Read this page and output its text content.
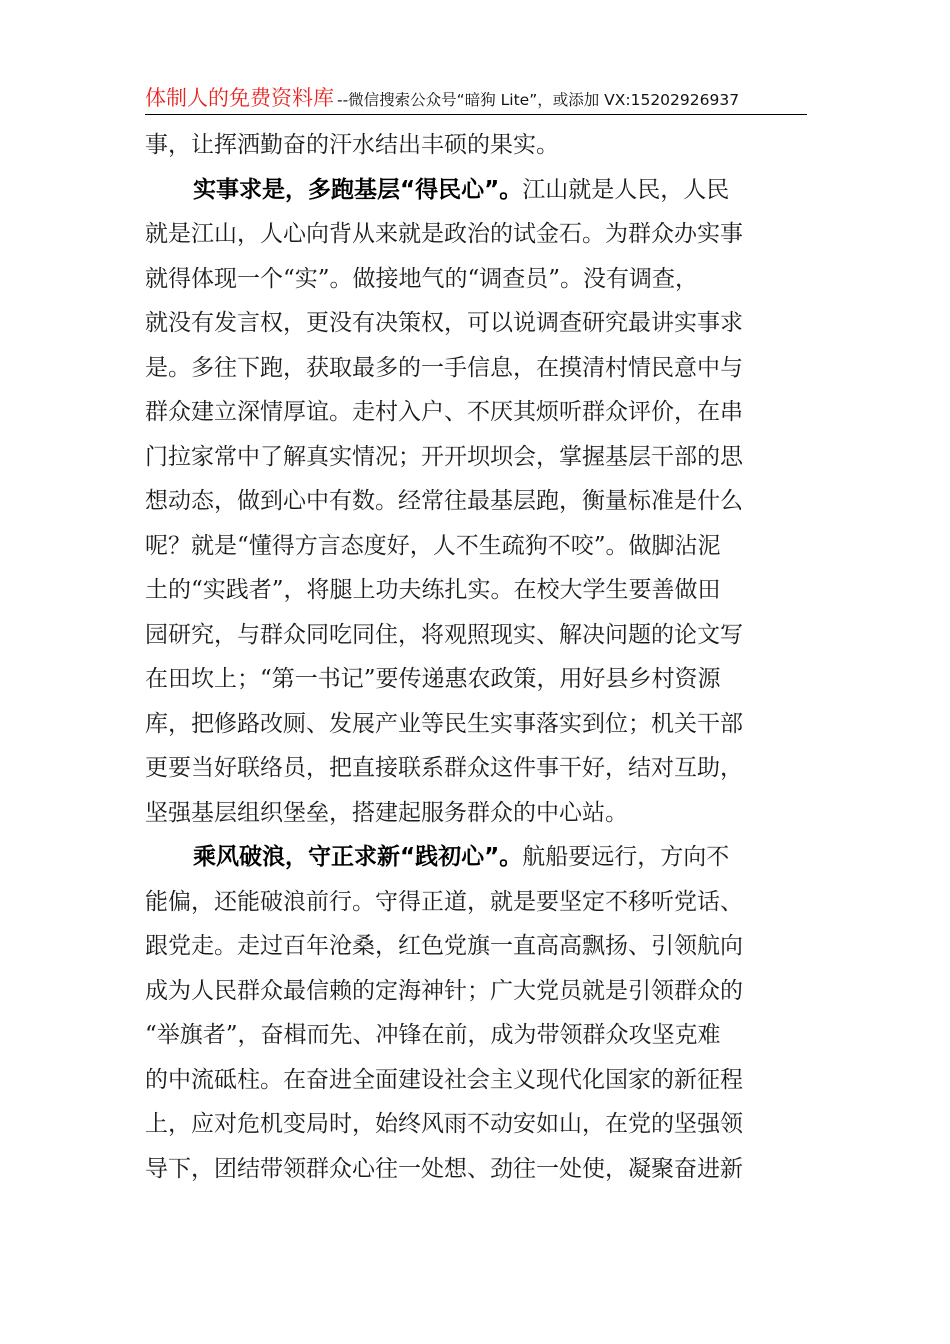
体制人的免费资料库 --微信搜索公众号“暗狗 Lite”，或添加 VX:15202926937
事，让挥洒勤奋的汗水结出丰硕的果实。
实事求是，多跑基层“得民心”。江山就是人民，人民
就是江山，人心向背从来就是政治的试金石。为群众办实事
就得体现一个“实”。做接地气的“调查员”。没有调查，
就没有发言权，更没有决策权，可以说调查研究最讲实事求
是。多往下跑，获取最多的一手信息，在摸清村情民意中与
群众建立深情厚谊。走村入户、不厌其烦听群众评价，在串
门拉家常中了解真实情况；开开坝坝会，掌握基层干部的思
想动态，做到心中有数。经常往最基层跑，衡量标准是什么
呢？就是“懂得方言态度好，人不生疏狗不咬”。做脚沾泥
土的“实践者”，将腿上功夫练扎实。在校大学生要善做田
园研究，与群众同吃同住，将观照现实、解决问题的论文写
在田坎上；“第一书记”要传递惠农政策，用好县乡村资源
库，把修路改厕、发展产业等民生实事落实到位；机关干部
更要当好联络员，把直接联系群众这件事干好，结对互助，
坚强基层组织堡垒，搭建起服务群众的中心站。
乘风破浪，守正求新“践初心”。航船要远行，方向不
能偏，还能破浪前行。守得正道，就是要坚定不移听党话、
跟党走。走过百年沧桑，红色党旗一直高高飘扬、引领航向
成为人民群众最信赖的定海神针；广大党员就是引领群众的
“举旗者”，奋楫而先、冲锋在前，成为带领群众攻坚克难
的中流砥柱。在奋进全面建设社会主义现代化国家的新征程
上，应对危机变局时，始终风雨不动安如山，在党的坚强领
导下，团结带领群众心往一处想、劲往一处使，凝聚奋进新
